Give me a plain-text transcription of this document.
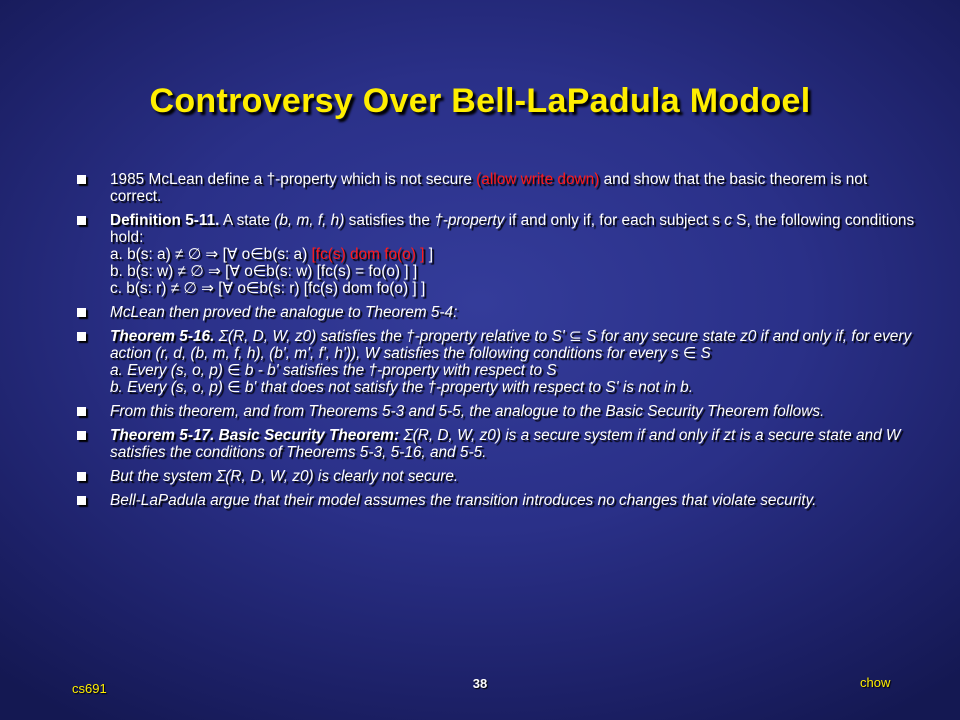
Controversy Over Bell-LaPadula Modoel
1985 McLean define a †-property which is not secure (allow write down) and show that the basic theorem is not correct.
Definition 5-11. A state (b, m, f, h) satisfies the †-property if and only if, for each subject s c S, the following conditions hold:
a. b(s: a) ≠ ∅ ⇒ [∀ o∈b(s: a) [fc(s) dom fo(o) ] ]
b. b(s: w) ≠ ∅ ⇒ [∀ o∈b(s: w) [fc(s) = fo(o) ] ]
c. b(s: r) ≠ ∅ ⇒ [∀ o∈b(s: r) [fc(s) dom fo(o) ] ]
McLean then proved the analogue to Theorem 5-4:
Theorem 5-16. Σ(R, D, W, z0) satisfies the †-property relative to S' ⊆ S for any secure state z0 if and only if, for every action (r, d, (b, m, f, h), (b', m', f', h')), W satisfies the following conditions for every s ∈ S
a. Every (s, o, p) ∈ b - b' satisfies the †-property with respect to S
b. Every (s, o, p) ∈ b' that does not satisfy the †-property with respect to S' is not in b.
From this theorem, and from Theorems 5-3 and 5-5, the analogue to the Basic Security Theorem follows.
Theorem 5-17. Basic Security Theorem: Σ(R, D, W, z0) is a secure system if and only if zt is a secure state and W satisfies the conditions of Theorems 5-3, 5-16, and 5-5.
But the system Σ(R, D, W, z0) is clearly not secure.
Bell-LaPadula argue that their model assumes the transition introduces no changes that violate security.
cs691	38	chow
